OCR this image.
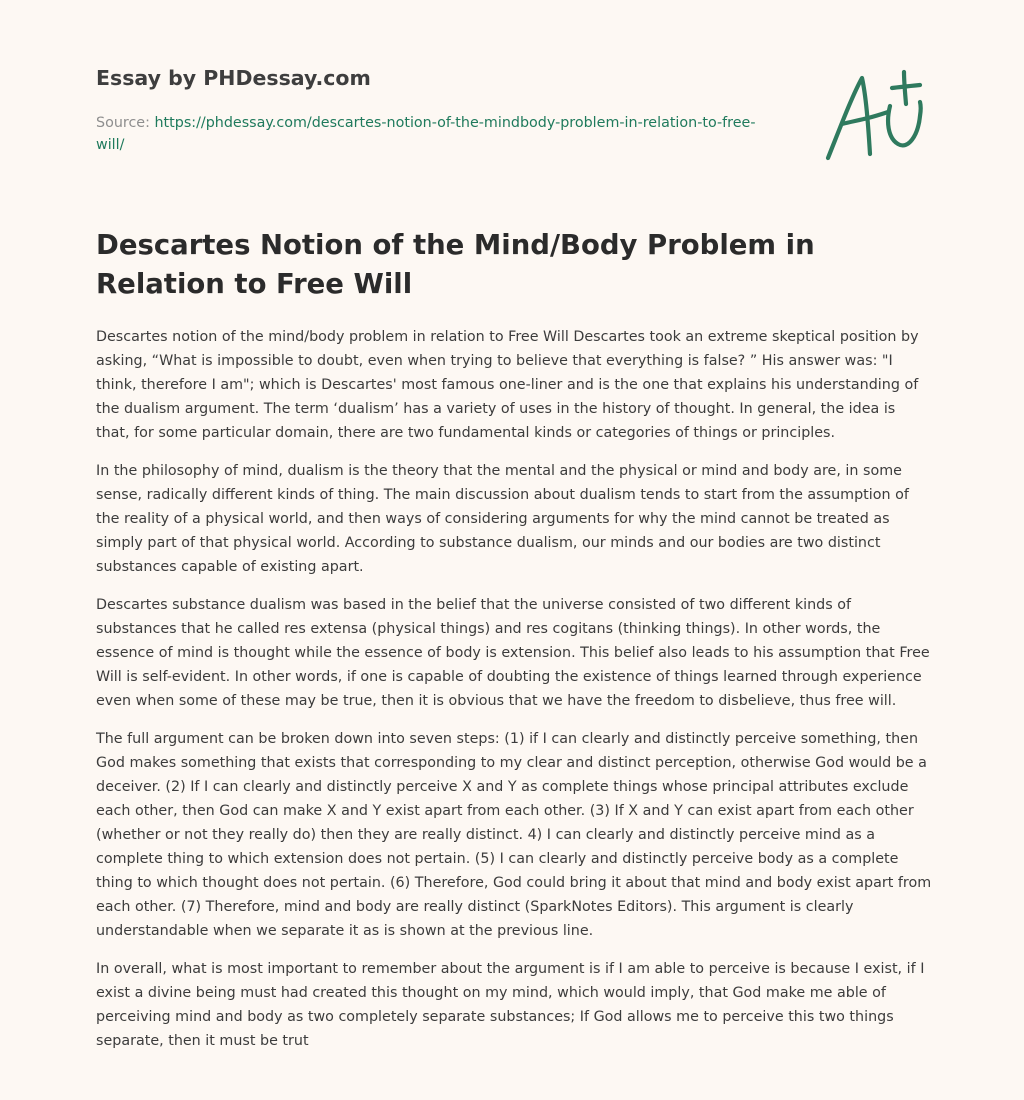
Essay by PHDessay.com
Source: https://phdessay.com/descartes-notion-of-the-mindbody-problem-in-relation-to-free-will/
Descartes Notion of the Mind/Body Problem in Relation to Free Will

Descartes notion of the mind/body problem in relation to Free Will Descartes took an extreme skeptical position by asking, “What is impossible to doubt, even when trying to believe that everything is false? ” His answer was: "I think, therefore I am"; which is Descartes' most famous one-liner and is the one that explains his understanding of the dualism argument. The term ‘dualism’ has a variety of uses in the history of thought. In general, the idea is that, for some particular domain, there are two fundamental kinds or categories of things or principles.

In the philosophy of mind, dualism is the theory that the mental and the physical or mind and body are, in some sense, radically different kinds of thing. The main discussion about dualism tends to start from the assumption of the reality of a physical world, and then ways of considering arguments for why the mind cannot be treated as simply part of that physical world. According to substance dualism, our minds and our bodies are two distinct substances capable of existing apart.

Descartes substance dualism was based in the belief that the universe consisted of two different kinds of substances that he called res extensa (physical things) and res cogitans (thinking things). In other words, the essence of mind is thought while the essence of body is extension. This belief also leads to his assumption that Free Will is self-evident. In other words, if one is capable of doubting the existence of things learned through experience even when some of these may be true, then it is obvious that we have the freedom to disbelieve, thus free will.

The full argument can be broken down into seven steps: (1) if I can clearly and distinctly perceive something, then God makes something that exists that corresponding to my clear and distinct perception, otherwise God would be a deceiver. (2) If I can clearly and distinctly perceive X and Y as complete things whose principal attributes exclude each other, then God can make X and Y exist apart from each other. (3) If X and Y can exist apart from each other (whether or not they really do) then they are really distinct. 4) I can clearly and distinctly perceive mind as a complete thing to which extension does not pertain. (5) I can clearly and distinctly perceive body as a complete thing to which thought does not pertain. (6) Therefore, God could bring it about that mind and body exist apart from each other. (7) Therefore, mind and body are really distinct (SparkNotes Editors). This argument is clearly understandable when we separate it as is shown at the previous line.

In overall, what is most important to remember about the argument is if I am able to perceive is because I exist, if I exist a divine being must had created this thought on my mind, which would imply, that God make me able of perceiving mind and body as two completely separate substances; If God allows me to perceive this two things separate, then it must be trut
